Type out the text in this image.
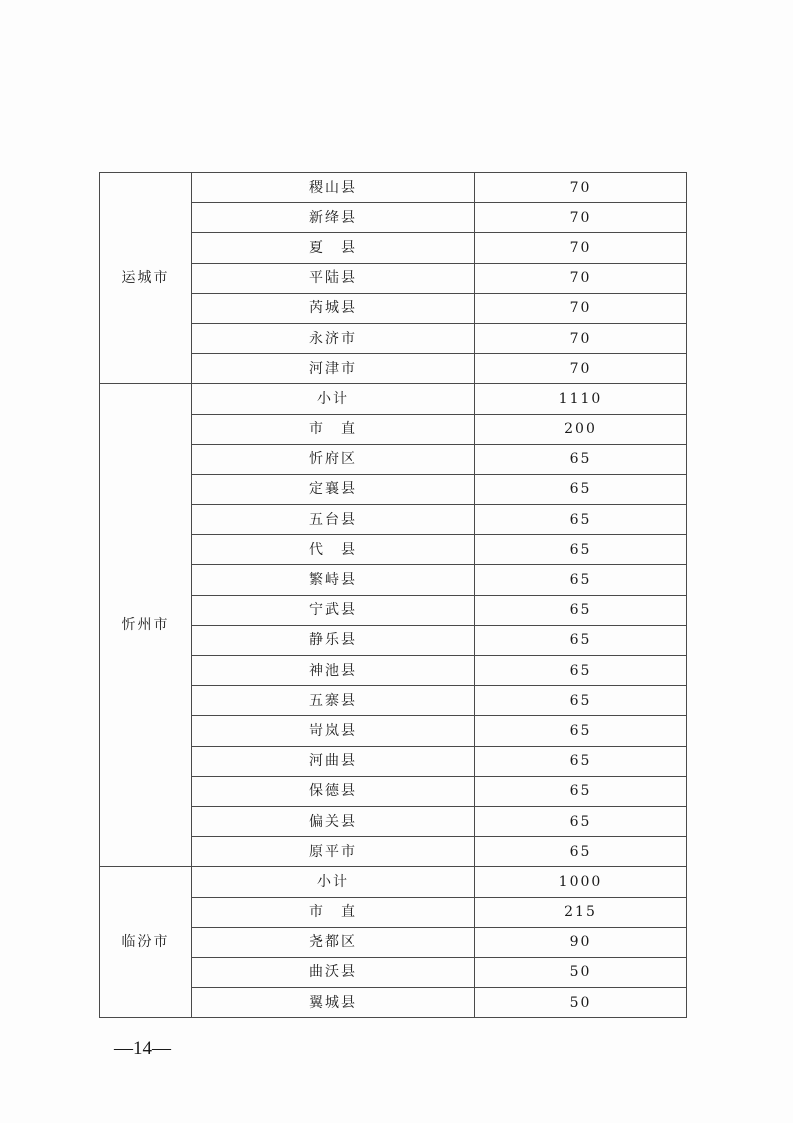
运城市	稷山县	70
	新绛县	70
	夏　县	70
	平陆县	70
	芮城县	70
	永济市	70
	河津市	70
忻州市	小计	1110
	市　直	200
	忻府区	65
	定襄县	65
	五台县	65
	代　县	65
	繁峙县	65
	宁武县	65
	静乐县	65
	神池县	65
	五寨县	65
	岢岚县	65
	河曲县	65
	保德县	65
	偏关县	65
	原平市	65
临汾市	小计	1000
	市　直	215
	尧都区	90
	曲沃县	50
	翼城县	50
—14—
